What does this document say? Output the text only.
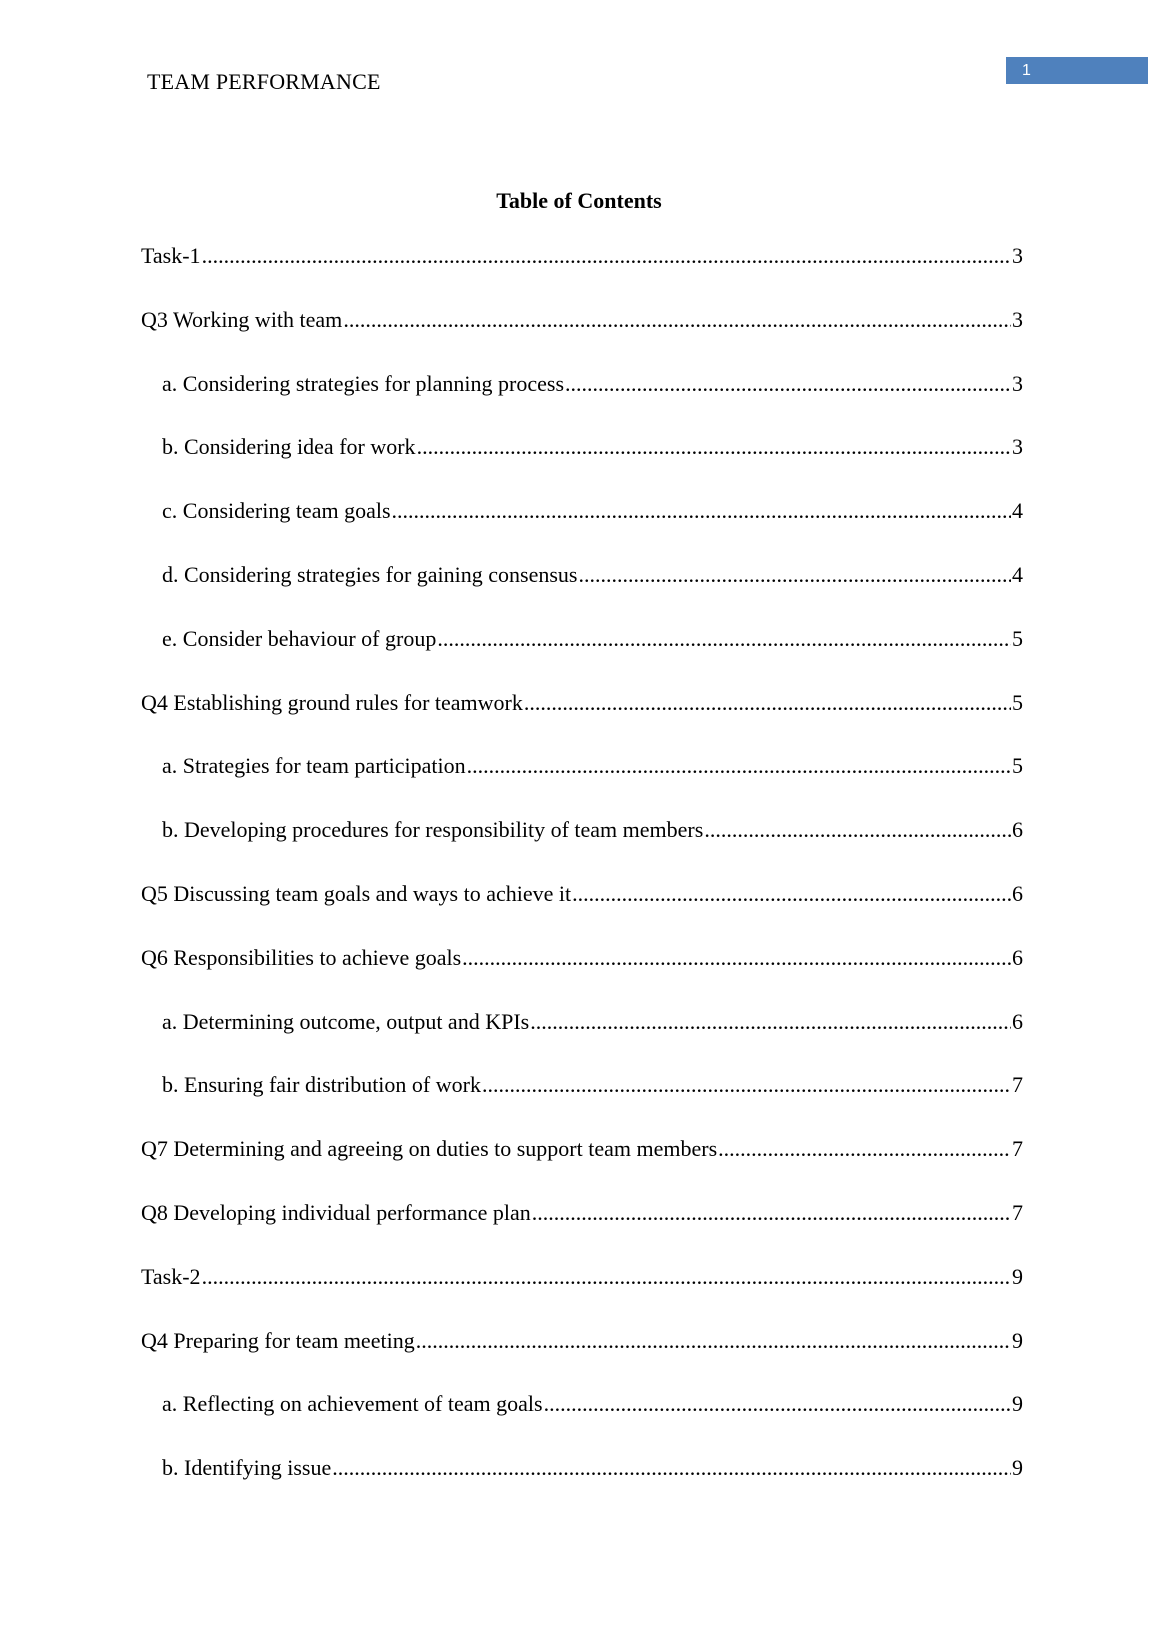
TEAM PERFORMANCE	1
Table of Contents
Task-1 .....	3
Q3 Working with team .....	3
a. Considering strategies for planning process .....	3
b. Considering idea for work .....	3
c. Considering team goals .....	4
d. Considering strategies for gaining consensus .....	4
e. Consider behaviour of group .....	5
Q4 Establishing ground rules for teamwork .....	5
a. Strategies for team participation .....	5
b. Developing procedures for responsibility of team members .....	6
Q5 Discussing team goals and ways to achieve it .....	6
Q6 Responsibilities to achieve goals .....	6
a. Determining outcome, output and KPIs .....	6
b. Ensuring fair distribution of work .....	7
Q7 Determining and agreeing on duties to support team members .....	7
Q8 Developing individual performance plan .....	7
Task-2 .....	9
Q4 Preparing for team meeting .....	9
a. Reflecting on achievement of team goals .....	9
b. Identifying issue .....	9
